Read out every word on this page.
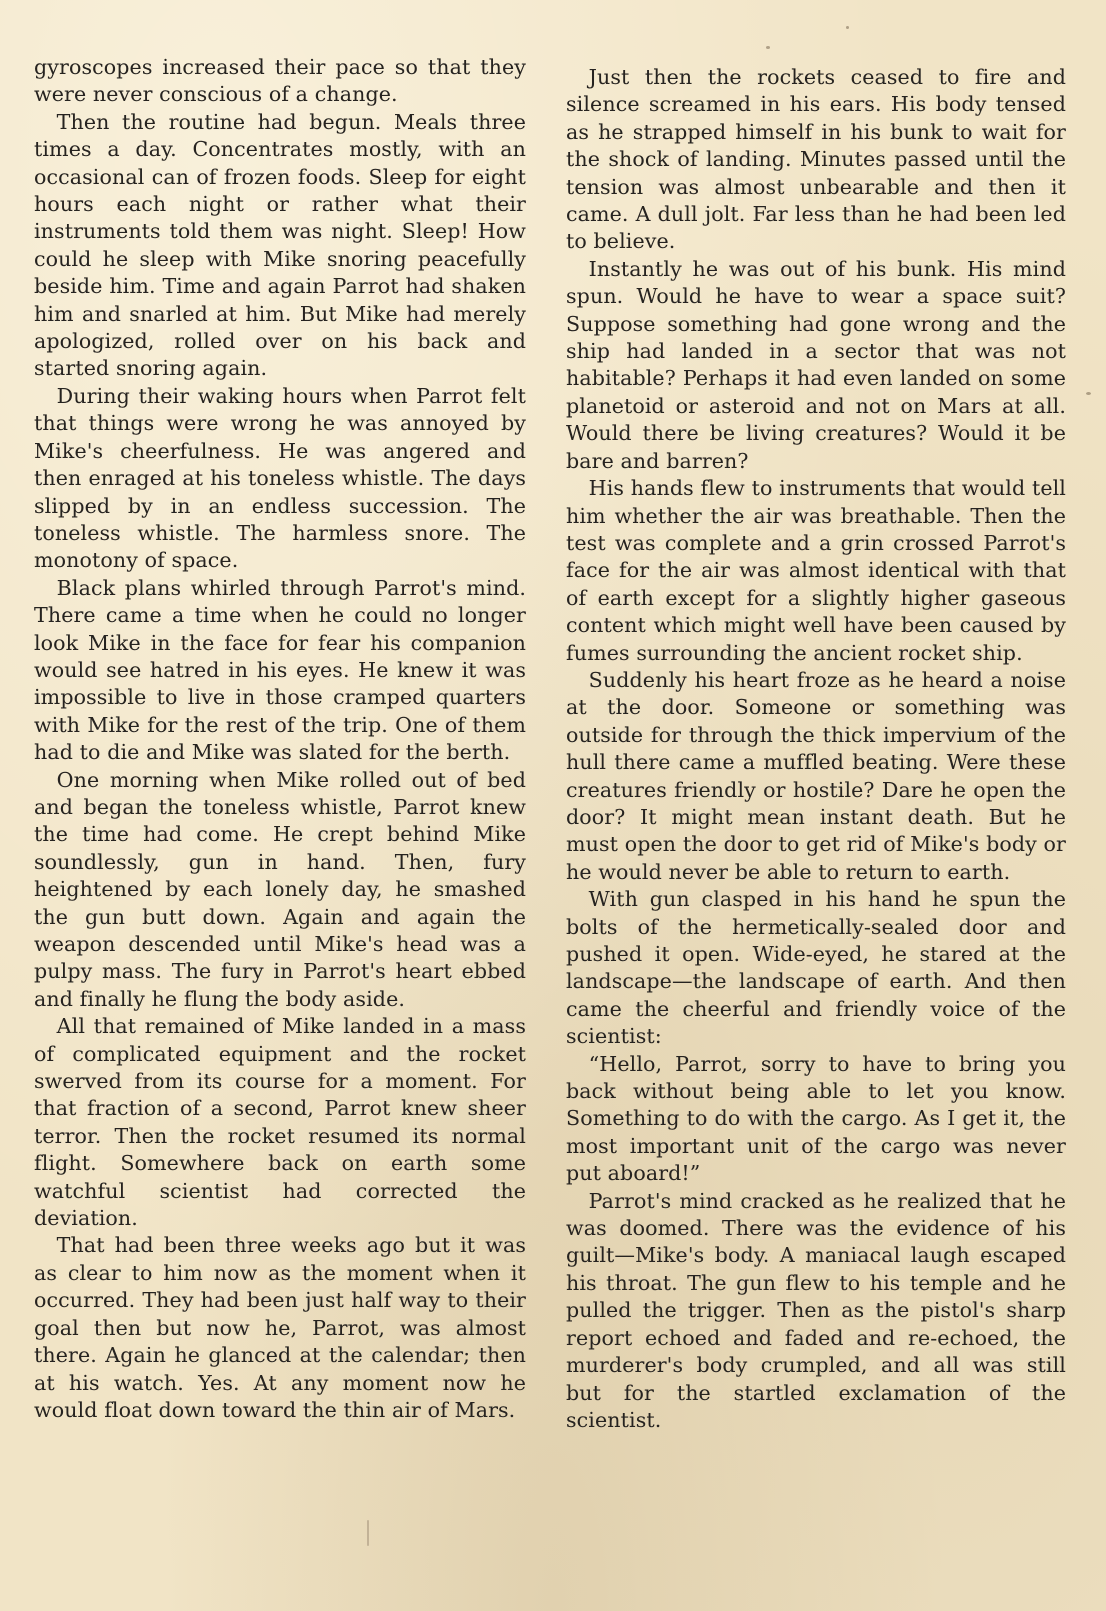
gyroscopes increased their pace so that they were never conscious of a change.

Then the routine had begun. Meals three times a day. Concentrates mostly, with an occasional can of frozen foods. Sleep for eight hours each night or rather what their instruments told them was night. Sleep! How could he sleep with Mike snoring peacefully beside him. Time and again Parrot had shaken him and snarled at him. But Mike had merely apologized, rolled over on his back and started snoring again.

During their waking hours when Parrot felt that things were wrong he was annoyed by Mike's cheerfulness. He was angered and then enraged at his toneless whistle. The days slipped by in an endless succession. The toneless whistle. The harmless snore. The monotony of space.

Black plans whirled through Parrot's mind. There came a time when he could no longer look Mike in the face for fear his companion would see hatred in his eyes. He knew it was impossible to live in those cramped quarters with Mike for the rest of the trip. One of them had to die and Mike was slated for the berth.

One morning when Mike rolled out of bed and began the toneless whistle, Parrot knew the time had come. He crept behind Mike soundlessly, gun in hand. Then, fury heightened by each lonely day, he smashed the gun butt down. Again and again the weapon descended until Mike's head was a pulpy mass. The fury in Parrot's heart ebbed and finally he flung the body aside.

All that remained of Mike landed in a mass of complicated equipment and the rocket swerved from its course for a moment. For that fraction of a second, Parrot knew sheer terror. Then the rocket resumed its normal flight. Somewhere back on earth some watchful scientist had corrected the deviation.

That had been three weeks ago but it was as clear to him now as the moment when it occurred. They had been just half way to their goal then but now he, Parrot, was almost there. Again he glanced at the calendar; then at his watch. Yes. At any moment now he would float down toward the thin air of Mars.

Just then the rockets ceased to fire and silence screamed in his ears. His body tensed as he strapped himself in his bunk to wait for the shock of landing. Minutes passed until the tension was almost unbearable and then it came. A dull jolt. Far less than he had been led to believe.

Instantly he was out of his bunk. His mind spun. Would he have to wear a space suit? Suppose something had gone wrong and the ship had landed in a sector that was not habitable? Perhaps it had even landed on some planetoid or asteroid and not on Mars at all. Would there be living creatures? Would it be bare and barren?

His hands flew to instruments that would tell him whether the air was breathable. Then the test was complete and a grin crossed Parrot's face for the air was almost identical with that of earth except for a slightly higher gaseous content which might well have been caused by fumes surrounding the ancient rocket ship.

Suddenly his heart froze as he heard a noise at the door. Someone or something was outside for through the thick impervium of the hull there came a muffled beating. Were these creatures friendly or hostile? Dare he open the door? It might mean instant death. But he must open the door to get rid of Mike's body or he would never be able to return to earth.

With gun clasped in his hand he spun the bolts of the hermetically-sealed door and pushed it open. Wide-eyed, he stared at the landscape—the landscape of earth. And then came the cheerful and friendly voice of the scientist:

“Hello, Parrot, sorry to have to bring you back without being able to let you know. Something to do with the cargo. As I get it, the most important unit of the cargo was never put aboard!”

Parrot's mind cracked as he realized that he was doomed. There was the evidence of his guilt—Mike's body. A maniacal laugh escaped his throat. The gun flew to his temple and he pulled the trigger. Then as the pistol's sharp report echoed and faded and re-echoed, the murderer's body crumpled, and all was still but for the startled exclamation of the scientist.
